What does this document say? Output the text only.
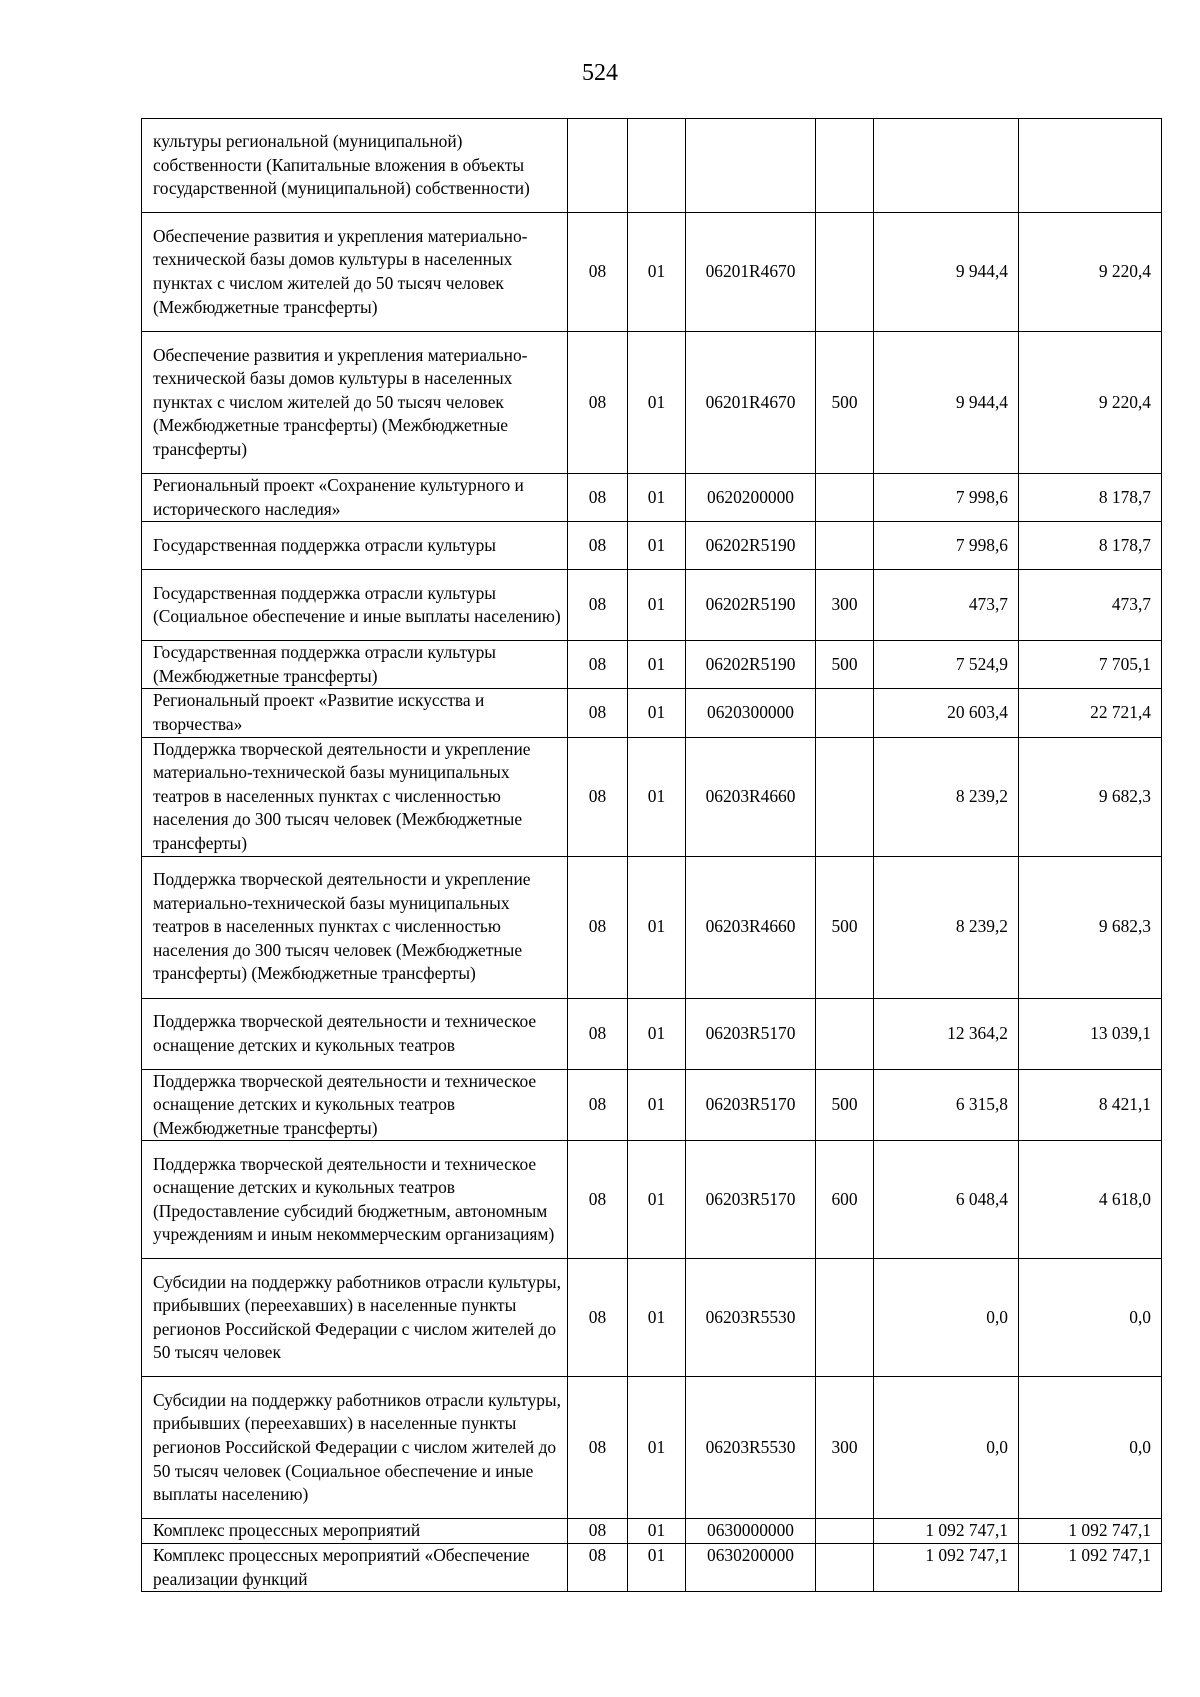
524
культуры региональной (муниципальной) собственности (Капитальные вложения в объекты государственной (муниципальной) собственности)						
Обеспечение развития и укрепления материально-технической базы домов культуры в населенных пунктах с числом жителей до 50 тысяч человек (Межбюджетные трансферты)	08	01	06201R4670		9 944,4	9 220,4
Обеспечение развития и укрепления материально-технической базы домов культуры в населенных пунктах с числом жителей до 50 тысяч человек (Межбюджетные трансферты) (Межбюджетные трансферты)	08	01	06201R4670	500	9 944,4	9 220,4
Региональный проект «Сохранение культурного и исторического наследия»	08	01	0620200000		7 998,6	8 178,7
Государственная поддержка отрасли культуры	08	01	06202R5190		7 998,6	8 178,7
Государственная поддержка отрасли культуры (Социальное обеспечение и иные выплаты населению)	08	01	06202R5190	300	473,7	473,7
Государственная поддержка отрасли культуры (Межбюджетные трансферты)	08	01	06202R5190	500	7 524,9	7 705,1
Региональный проект «Развитие искусства и творчества»	08	01	0620300000		20 603,4	22 721,4
Поддержка творческой деятельности и укрепление материально-технической базы муниципальных театров в населенных пунктах с численностью населения до 300 тысяч человек (Межбюджетные трансферты)	08	01	06203R4660		8 239,2	9 682,3
Поддержка творческой деятельности и укрепление материально-технической базы муниципальных театров в населенных пунктах с численностью населения до 300 тысяч человек (Межбюджетные трансферты) (Межбюджетные трансферты)	08	01	06203R4660	500	8 239,2	9 682,3
Поддержка творческой деятельности и техническое оснащение детских и кукольных театров	08	01	06203R5170		12 364,2	13 039,1
Поддержка творческой деятельности и техническое оснащение детских и кукольных театров (Межбюджетные трансферты)	08	01	06203R5170	500	6 315,8	8 421,1
Поддержка творческой деятельности и техническое оснащение детских и кукольных театров (Предоставление субсидий бюджетным, автономным учреждениям и иным некоммерческим организациям)	08	01	06203R5170	600	6 048,4	4 618,0
Субсидии на поддержку работников отрасли культуры, прибывших (переехавших) в населенные пункты регионов Российской Федерации с числом жителей до 50 тысяч человек	08	01	06203R5530		0,0	0,0
Субсидии на поддержку работников отрасли культуры, прибывших (переехавших) в населенные пункты регионов Российской Федерации с числом жителей до 50 тысяч человек (Социальное обеспечение и иные выплаты населению)	08	01	06203R5530	300	0,0	0,0
Комплекс процессных мероприятий	08	01	0630000000		1 092 747,1	1 092 747,1
Комплекс процессных мероприятий «Обеспечение реализации функций	08	01	0630200000		1 092 747,1	1 092 747,1
